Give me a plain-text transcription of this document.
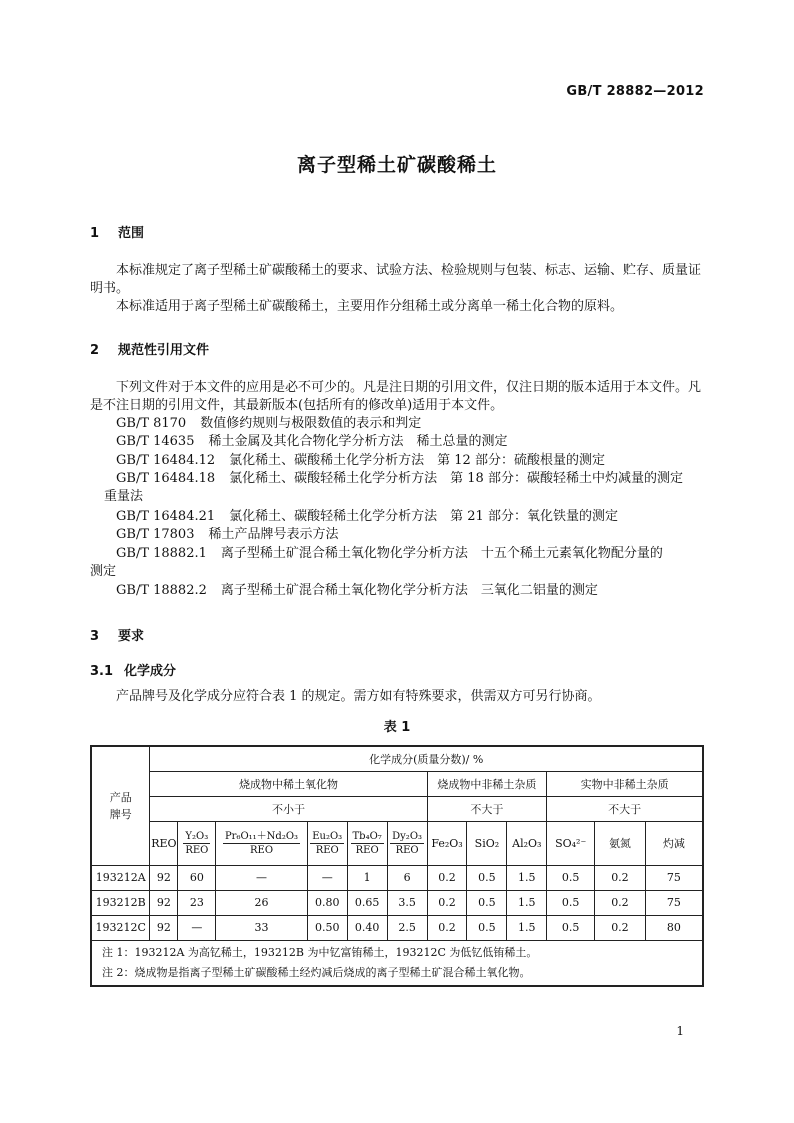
GB/T 28882—2012
离子型稀土矿碳酸稀土
1 范围

本标准规定了离子型稀土矿碳酸稀土的要求、试验方法、检验规则与包装、标志、运输、贮存、质量证明书。

本标准适用于离子型稀土矿碳酸稀土，主要用作分组稀土或分离单一稀土化合物的原料。

2 规范性引用文件

下列文件对于本文件的应用是必不可少的。凡是注日期的引用文件，仅注日期的版本适用于本文件。凡是不注日期的引用文件，其最新版本(包括所有的修改单)适用于本文件。

GB/T 8170 数值修约规则与极限数值的表示和判定
GB/T 14635 稀土金属及其化合物化学分析方法　稀土总量的测定
GB/T 16484.12 氯化稀土、碳酸稀土化学分析方法　第 12 部分：硫酸根量的测定
GB/T 16484.18 氯化稀土、碳酸轻稀土化学分析方法　第 18 部分：碳酸轻稀土中灼减量的测定
重量法
GB/T 16484.21 氯化稀土、碳酸轻稀土化学分析方法　第 21 部分：氧化铁量的测定
GB/T 17803 稀土产品牌号表示方法
GB/T 18882.1 离子型稀土矿混合稀土氧化物化学分析方法　十五个稀土元素氧化物配分量的
测定
GB/T 18882.2 离子型稀土矿混合稀土氧化物化学分析方法　三氧化二铝量的测定
3 要求
3.1 化学成分

产品牌号及化学成分应符合表 1 的规定。需方如有特殊要求，供需双方可另行协商。

表 1
产品牌号	化学成分(质量分数)/ %											
	烧成物中稀土氧化物						烧成物中非稀土杂质			实物中非稀土杂质		
	不小于						不大于			不大于		
	REO	$\frac{\text{Y₂O₃}}{\text{REO}}$	$\frac{\text{Pr₆O₁₁＋Nd₂O₃}}{\text{REO}}$	$\frac{\text{Eu₂O₃}}{\text{REO}}$	$\frac{\text{Tb₄O₇}}{\text{REO}}$	$\frac{\text{Dy₂O₃}}{\text{REO}}$	Fe₂O₃	SiO₂	Al₂O₃	SO₄²⁻	氨氮	灼减
193212A	92	60	—	—	1	6	0.2	0.5	1.5	0.5	0.2	75
193212B	92	23	26	0.80	0.65	3.5	0.2	0.5	1.5	0.5	0.2	75
193212C	92	—	33	0.50	0.40	2.5	0.2	0.5	1.5	0.5	0.2	80

注 1：193212A 为高钇稀土，193212B 为中钇富铕稀土，193212C 为低钇低铕稀土。
注 2：烧成物是指离子型稀土矿碳酸稀土经灼减后烧成的离子型稀土矿混合稀土氧化物。												
1
